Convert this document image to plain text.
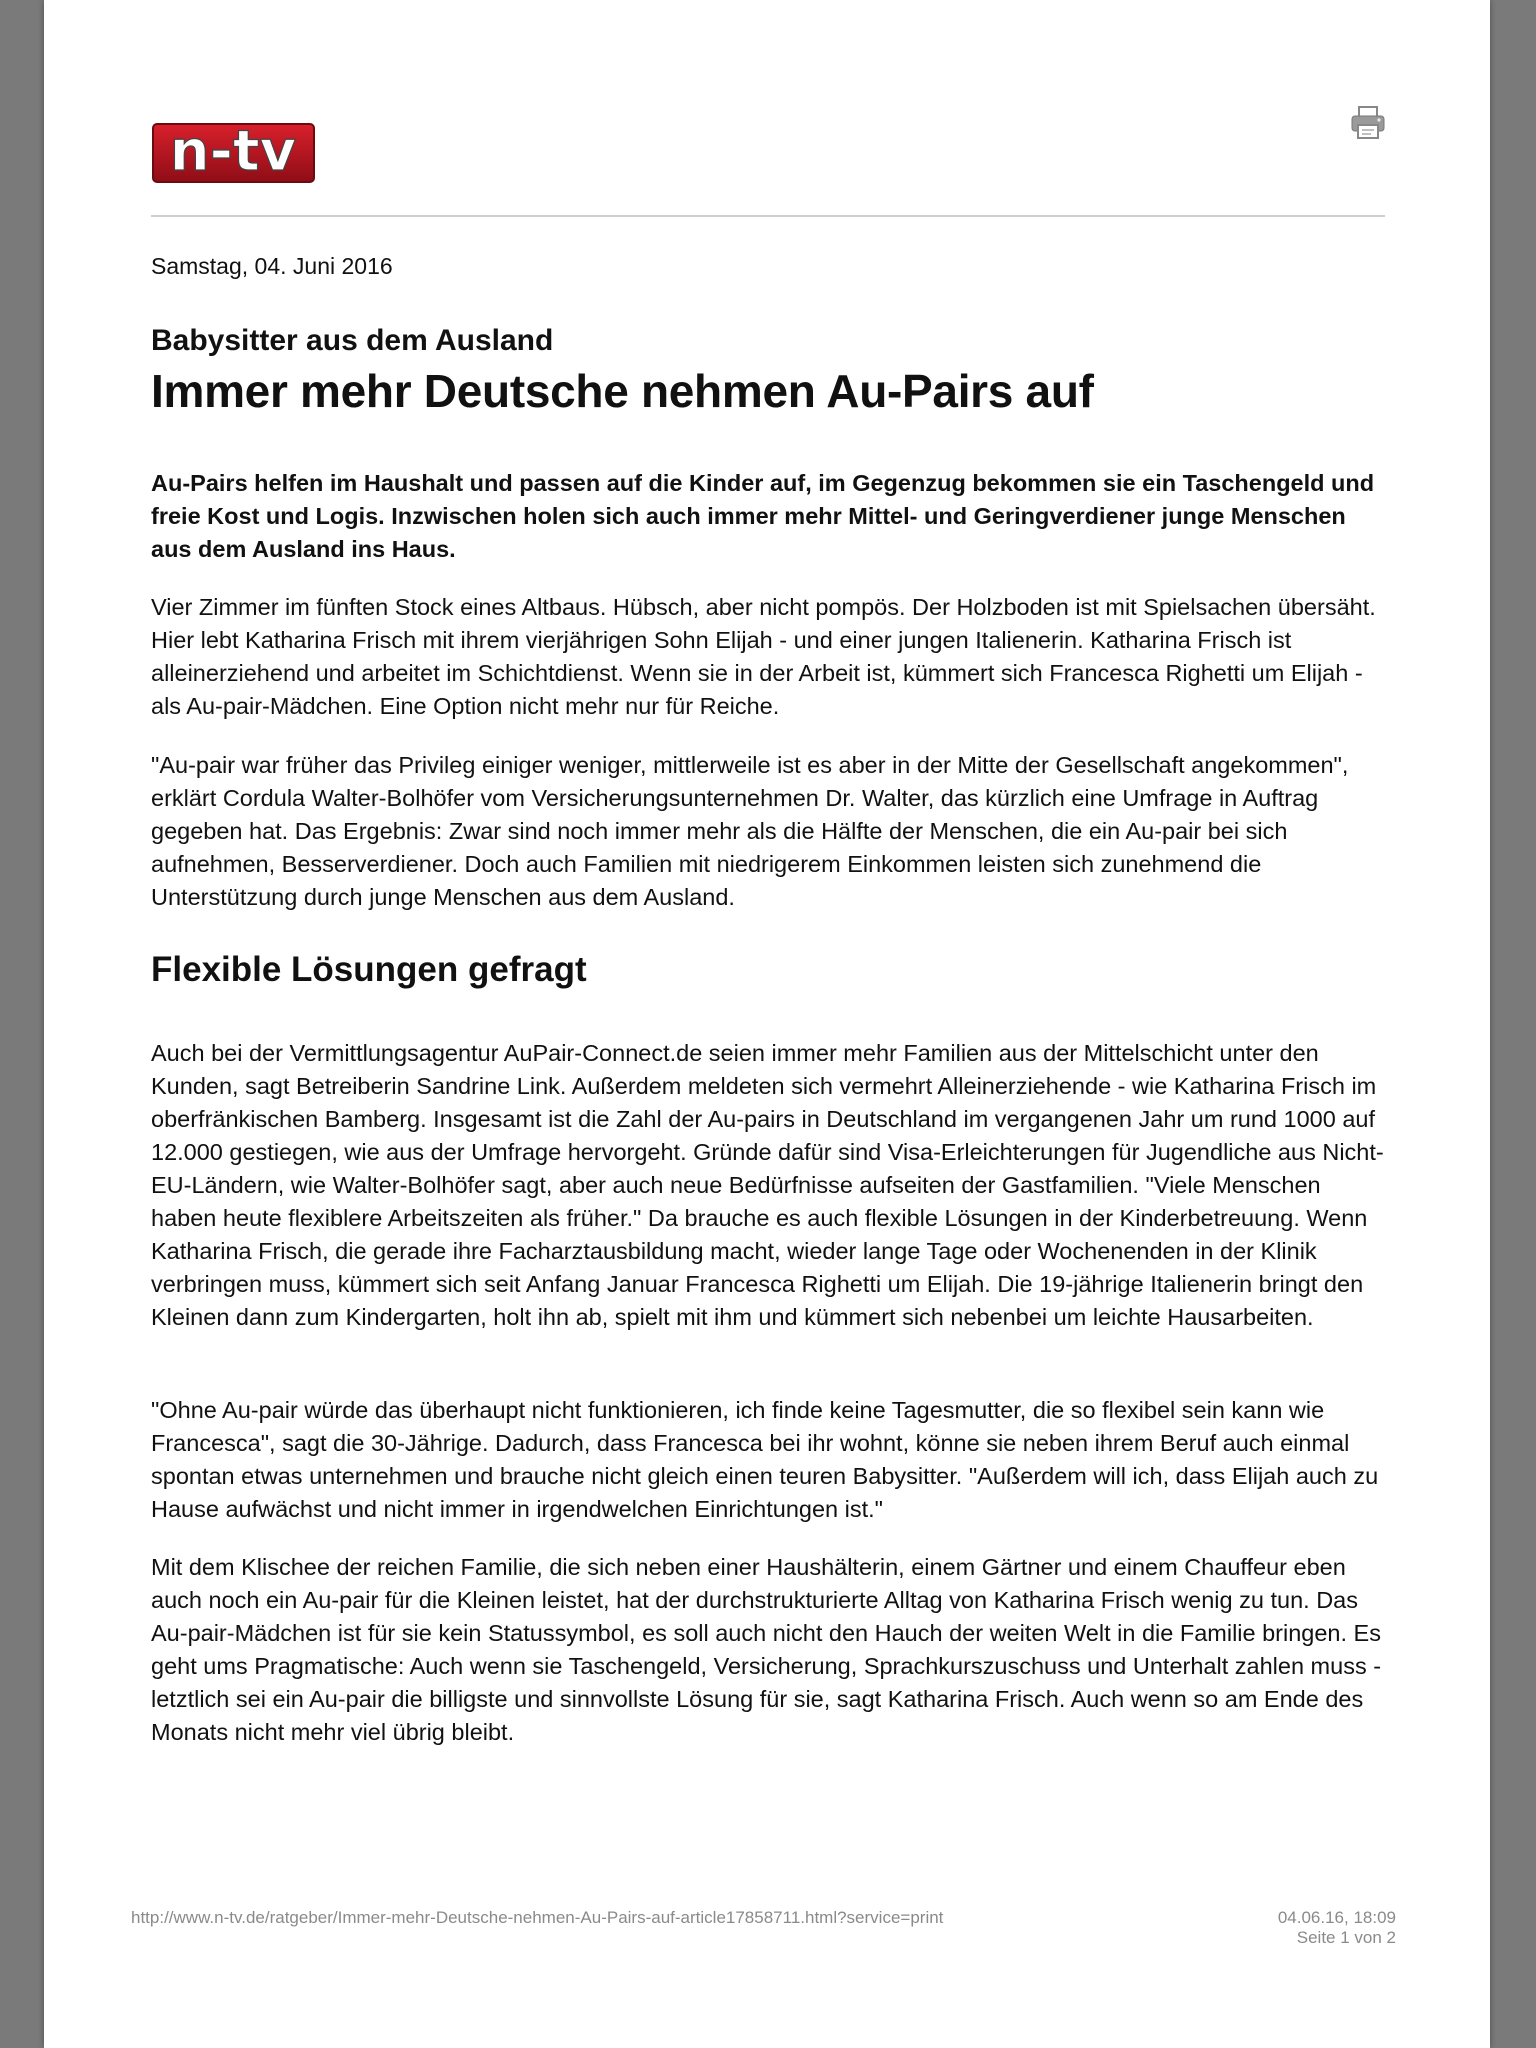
n-tv
Samstag, 04. Juni 2016
Babysitter aus dem Ausland
Immer mehr Deutsche nehmen Au-Pairs auf

Au-Pairs helfen im Haushalt und passen auf die Kinder auf, im Gegenzug bekommen sie ein Taschengeld und freie Kost und Logis. Inzwischen holen sich auch immer mehr Mittel- und Geringverdiener junge Menschen aus dem Ausland ins Haus.

Vier Zimmer im fünften Stock eines Altbaus. Hübsch, aber nicht pompös. Der Holzboden ist mit Spielsachen übersäht. Hier lebt Katharina Frisch mit ihrem vierjährigen Sohn Elijah - und einer jungen Italienerin. Katharina Frisch ist alleinerziehend und arbeitet im Schichtdienst. Wenn sie in der Arbeit ist, kümmert sich Francesca Righetti um Elijah - als Au-pair-Mädchen. Eine Option nicht mehr nur für Reiche.

"Au-pair war früher das Privileg einiger weniger, mittlerweile ist es aber in der Mitte der Gesellschaft angekommen", erklärt Cordula Walter-Bolhöfer vom Versicherungsunternehmen Dr. Walter, das kürzlich eine Umfrage in Auftrag gegeben hat. Das Ergebnis: Zwar sind noch immer mehr als die Hälfte der Menschen, die ein Au-pair bei sich aufnehmen, Besserverdiener. Doch auch Familien mit niedrigerem Einkommen leisten sich zunehmend die Unterstützung durch junge Menschen aus dem Ausland.

Flexible Lösungen gefragt

Auch bei der Vermittlungsagentur AuPair-Connect.de seien immer mehr Familien aus der Mittelschicht unter den Kunden, sagt Betreiberin Sandrine Link. Außerdem meldeten sich vermehrt Alleinerziehende - wie Katharina Frisch im oberfränkischen Bamberg. Insgesamt ist die Zahl der Au-pairs in Deutschland im vergangenen Jahr um rund 1000 auf 12.000 gestiegen, wie aus der Umfrage hervorgeht. Gründe dafür sind Visa-Erleichterungen für Jugendliche aus Nicht-EU-Ländern, wie Walter-Bolhöfer sagt, aber auch neue Bedürfnisse aufseiten der Gastfamilien. "Viele Menschen haben heute flexiblere Arbeitszeiten als früher." Da brauche es auch flexible Lösungen in der Kinderbetreuung. Wenn Katharina Frisch, die gerade ihre Facharztausbildung macht, wieder lange Tage oder Wochenenden in der Klinik verbringen muss, kümmert sich seit Anfang Januar Francesca Righetti um Elijah. Die 19-jährige Italienerin bringt den Kleinen dann zum Kindergarten, holt ihn ab, spielt mit ihm und kümmert sich nebenbei um leichte Hausarbeiten.

"Ohne Au-pair würde das überhaupt nicht funktionieren, ich finde keine Tagesmutter, die so flexibel sein kann wie Francesca", sagt die 30-Jährige. Dadurch, dass Francesca bei ihr wohnt, könne sie neben ihrem Beruf auch einmal spontan etwas unternehmen und brauche nicht gleich einen teuren Babysitter. "Außerdem will ich, dass Elijah auch zu Hause aufwächst und nicht immer in irgendwelchen Einrichtungen ist."

Mit dem Klischee der reichen Familie, die sich neben einer Haushälterin, einem Gärtner und einem Chauffeur eben auch noch ein Au-pair für die Kleinen leistet, hat der durchstrukturierte Alltag von Katharina Frisch wenig zu tun. Das Au-pair-Mädchen ist für sie kein Statussymbol, es soll auch nicht den Hauch der weiten Welt in die Familie bringen. Es geht ums Pragmatische: Auch wenn sie Taschengeld, Versicherung, Sprachkurszuschuss und Unterhalt zahlen muss - letztlich sei ein Au-pair die billigste und sinnvollste Lösung für sie, sagt Katharina Frisch. Auch wenn so am Ende des Monats nicht mehr viel übrig bleibt.

http://www.n-tv.de/ratgeber/Immer-mehr-Deutsche-nehmen-Au-Pairs-auf-article17858711.html?service=print	04.06.16, 18:09
Seite 1 von 2
